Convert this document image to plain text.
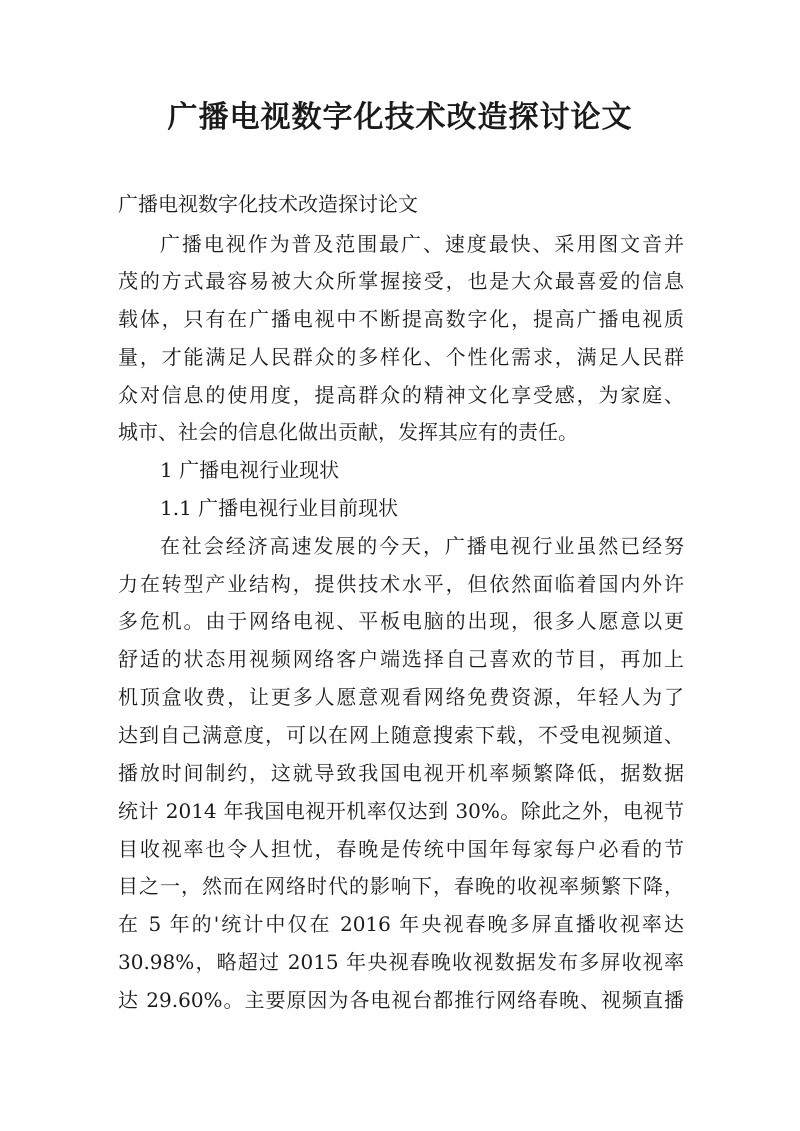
广播电视数字化技术改造探讨论文
广播电视数字化技术改造探讨论文
广播电视作为普及范围最广、速度最快、采用图文音并
茂的方式最容易被大众所掌握接受，也是大众最喜爱的信息
载体，只有在广播电视中不断提高数字化，提高广播电视质
量，才能满足人民群众的多样化、个性化需求，满足人民群
众对信息的使用度，提高群众的精神文化享受感，为家庭、
城市、社会的信息化做出贡献，发挥其应有的责任。
1 广播电视行业现状
1.1 广播电视行业目前现状
在社会经济高速发展的今天，广播电视行业虽然已经努
力在转型产业结构，提供技术水平，但依然面临着国内外许
多危机。由于网络电视、平板电脑的出现，很多人愿意以更
舒适的状态用视频网络客户端选择自己喜欢的节目，再加上
机顶盒收费，让更多人愿意观看网络免费资源，年轻人为了
达到自己满意度，可以在网上随意搜索下载，不受电视频道、
播放时间制约，这就导致我国电视开机率频繁降低，据数据
统计 2014 年我国电视开机率仅达到 30%。除此之外，电视节
目收视率也令人担忧，春晚是传统中国年每家每户必看的节
目之一，然而在网络时代的影响下，春晚的收视率频繁下降，
在 5 年的'统计中仅在 2016 年央视春晚多屏直播收视率达
30.98%，略超过 2015 年央视春晚收视数据发布多屏收视率
达 29.60%。主要原因为各电视台都推行网络春晚、视频直播
